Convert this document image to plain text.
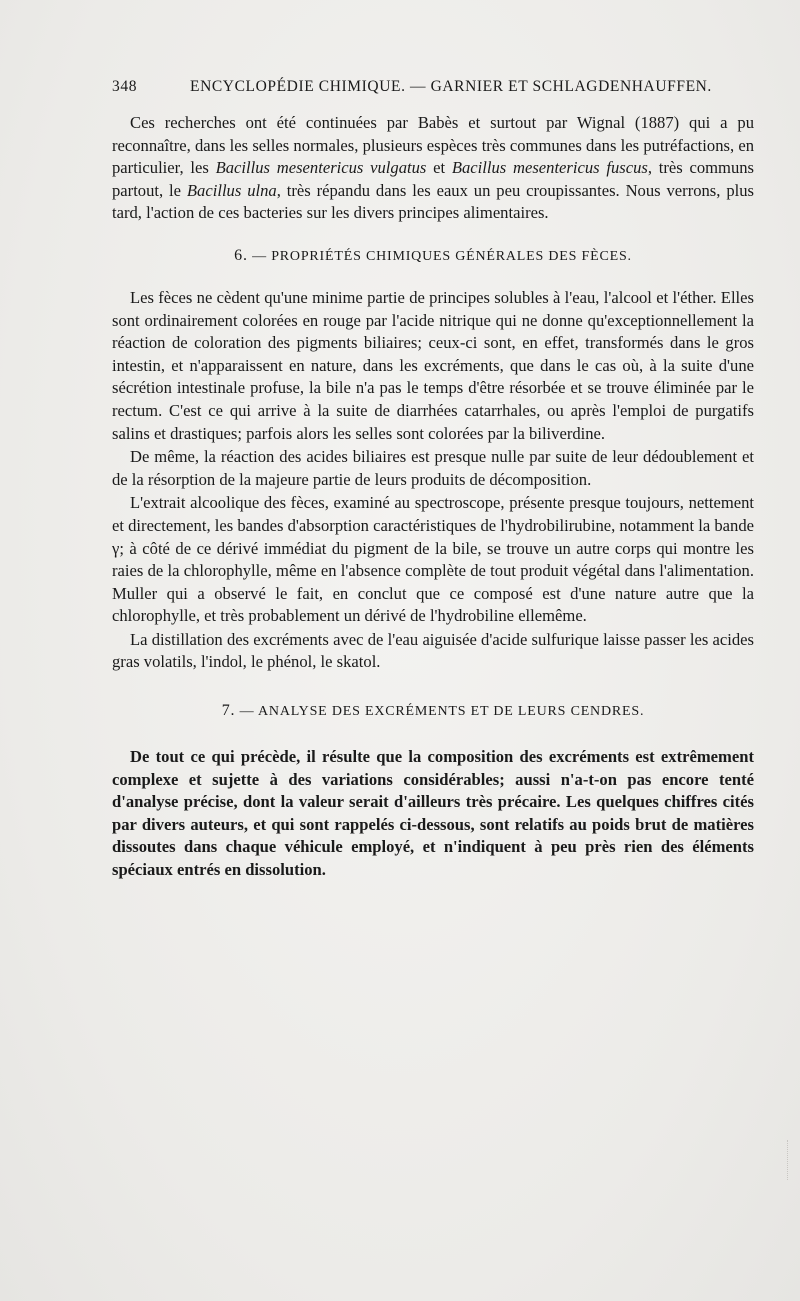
348	ENCYCLOPÉDIE CHIMIQUE. — GARNIER ET SCHLAGDENHAUFFEN.

Ces recherches ont été continuées par Babès et surtout par Wignal (1887) qui a pu reconnaître, dans les selles normales, plusieurs espèces très communes dans les putréfactions, en particulier, les Bacillus mesentericus vulgatus et Bacillus mesentericus fuscus, très communs partout, le Bacillus ulna, très répandu dans les eaux un peu croupissantes. Nous verrons, plus tard, l'action de ces bacteries sur les divers principes alimentaires.

6. — PROPRIÉTÉS CHIMIQUES GÉNÉRALES DES FÈCES.

Les fèces ne cèdent qu'une minime partie de principes solubles à l'eau, l'alcool et l'éther. Elles sont ordinairement colorées en rouge par l'acide nitrique qui ne donne qu'exceptionnellement la réaction de coloration des pigments biliaires; ceux-ci sont, en effet, transformés dans le gros intestin, et n'apparaissent en nature, dans les excréments, que dans le cas où, à la suite d'une sécrétion intestinale profuse, la bile n'a pas le temps d'être résorbée et se trouve éliminée par le rectum. C'est ce qui arrive à la suite de diarrhées catarrhales, ou après l'emploi de purgatifs salins et drastiques; parfois alors les selles sont colorées par la biliverdine.

De même, la réaction des acides biliaires est presque nulle par suite de leur dédoublement et de la résorption de la majeure partie de leurs produits de décomposition.

L'extrait alcoolique des fèces, examiné au spectroscope, présente presque toujours, nettement et directement, les bandes d'absorption caractéristiques de l'hydrobilirubine, notamment la bande γ; à côté de ce dérivé immédiat du pigment de la bile, se trouve un autre corps qui montre les raies de la chlorophylle, même en l'absence complète de tout produit végétal dans l'alimentation. Muller qui a observé le fait, en conclut que ce composé est d'une nature autre que la chlorophylle, et très probablement un dérivé de l'hydrobiline ellemême.

La distillation des excréments avec de l'eau aiguisée d'acide sulfurique laisse passer les acides gras volatils, l'indol, le phénol, le skatol.

7. — ANALYSE DES EXCRÉMENTS ET DE LEURS CENDRES.

De tout ce qui précède, il résulte que la composition des excréments est extrêmement complexe et sujette à des variations considérables; aussi n'a-t-on pas encore tenté d'analyse précise, dont la valeur serait d'ailleurs très précaire. Les quelques chiffres cités par divers auteurs, et qui sont rappelés ci-dessous, sont relatifs au poids brut de matières dissoutes dans chaque véhicule employé, et n'indiquent à peu près rien des éléments spéciaux entrés en dissolution.
